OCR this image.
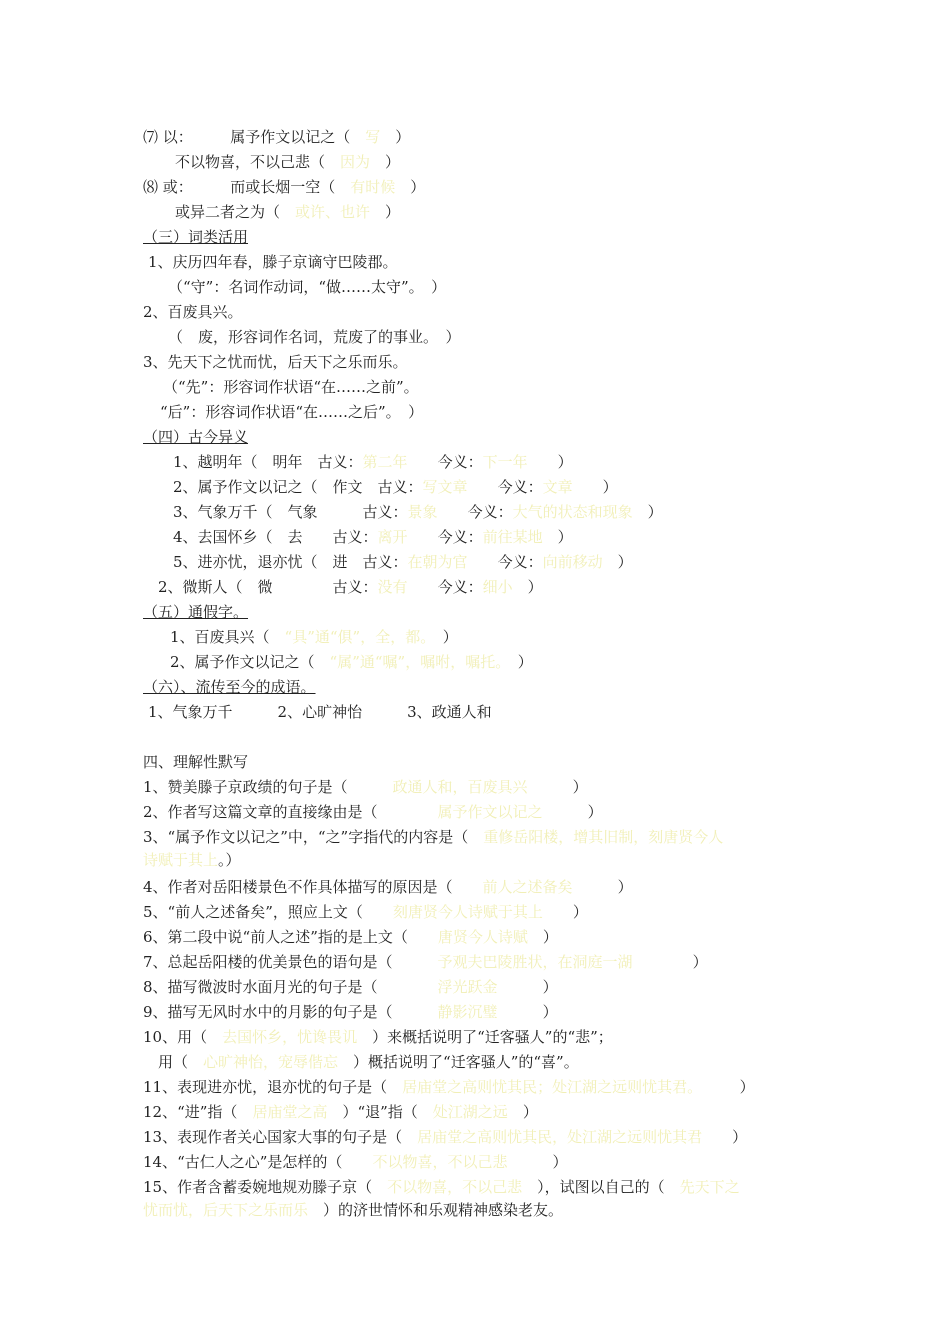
⑺ 以：　　　属予作文以记之（　写　）
不以物喜，不以己悲（　因为　）
⑻ 或：　　　而或长烟一空（　有时候　）
或异二者之为（　或许、也许　）
（三）词类活用
1、庆历四年春，滕子京谪守巴陵郡。
（“守”：名词作动词，“做……太守”。　）
2、百废具兴。
（　废，形容词作名词，荒废了的事业。　）
3、先天下之忧而忧，后天下之乐而乐。
（“先”：形容词作状语“在……之前”。
“后”：形容词作状语“在……之后”。　）
（四）古今异义
1、越明年（　明年　古义：第二年　　今义：下一年　　）
2、属予作文以记之（　作文　古义：写文章　　今义：文章　　）
3、气象万千（　气象　　　古义：景象　　今义：大气的状态和现象　）
4、去国怀乡（　去　　古义：离开　　今义：前往某地　）
5、进亦忧，退亦忧（　进　古义：在朝为官　　今义：向前移动　）
2、微斯人（　微　　　　古义：没有　　今义：细小　）
（五）通假字。
1、百废具兴（　“具”通“俱”，全，都。　）
2、属予作文以记之（　“属”通“嘱”，嘱咐，嘱托。　）
（六）、流传至今的成语。
1、气象万千　　　2、心旷神怡　　　3、政通人和
四、理解性默写
1、赞美滕子京政绩的句子是（　　　政通人和，百废具兴　　　）
2、作者写这篇文章的直接缘由是（　　　　属予作文以记之　　　）
3、“属予作文以记之”中，“之”字指代的内容是（　重修岳阳楼，增其旧制，刻唐贤今人
诗赋于其上。）
4、作者对岳阳楼景色不作具体描写的原因是（　　前人之述备矣　　　）
5、“前人之述备矣”，照应上文（　　刻唐贤今人诗赋于其上　　）
6、第二段中说“前人之述”指的是上文（　　唐贤今人诗赋　）
7、总起岳阳楼的优美景色的语句是（　　　予观夫巴陵胜状，在洞庭一湖　　　　）
8、描写微波时水面月光的句子是（　　　　浮光跃金　　　）
9、描写无风时水中的月影的句子是（　　　静影沉璧　　　）
10、用（　去国怀乡，忧谗畏讥　）来概括说明了“迁客骚人”的“悲”；
用（　心旷神怡，宠辱偕忘　）概括说明了“迁客骚人”的“喜”。
11、表现进亦忧，退亦忧的句子是（　居庙堂之高则忧其民；处江湖之远则忧其君。　　　）
12、“进”指（　居庙堂之高　）“退”指（　处江湖之远　）
13、表现作者关心国家大事的句子是（　居庙堂之高则忧其民，处江湖之远则忧其君　　）
14、“古仁人之心”是怎样的（　　不以物喜，不以己悲　　　）
15、作者含蓄委婉地规劝滕子京（　不以物喜，不以己悲　），试图以自己的（　先天下之
忧而忧，后天下之乐而乐　）的济世情怀和乐观精神感染老友。
